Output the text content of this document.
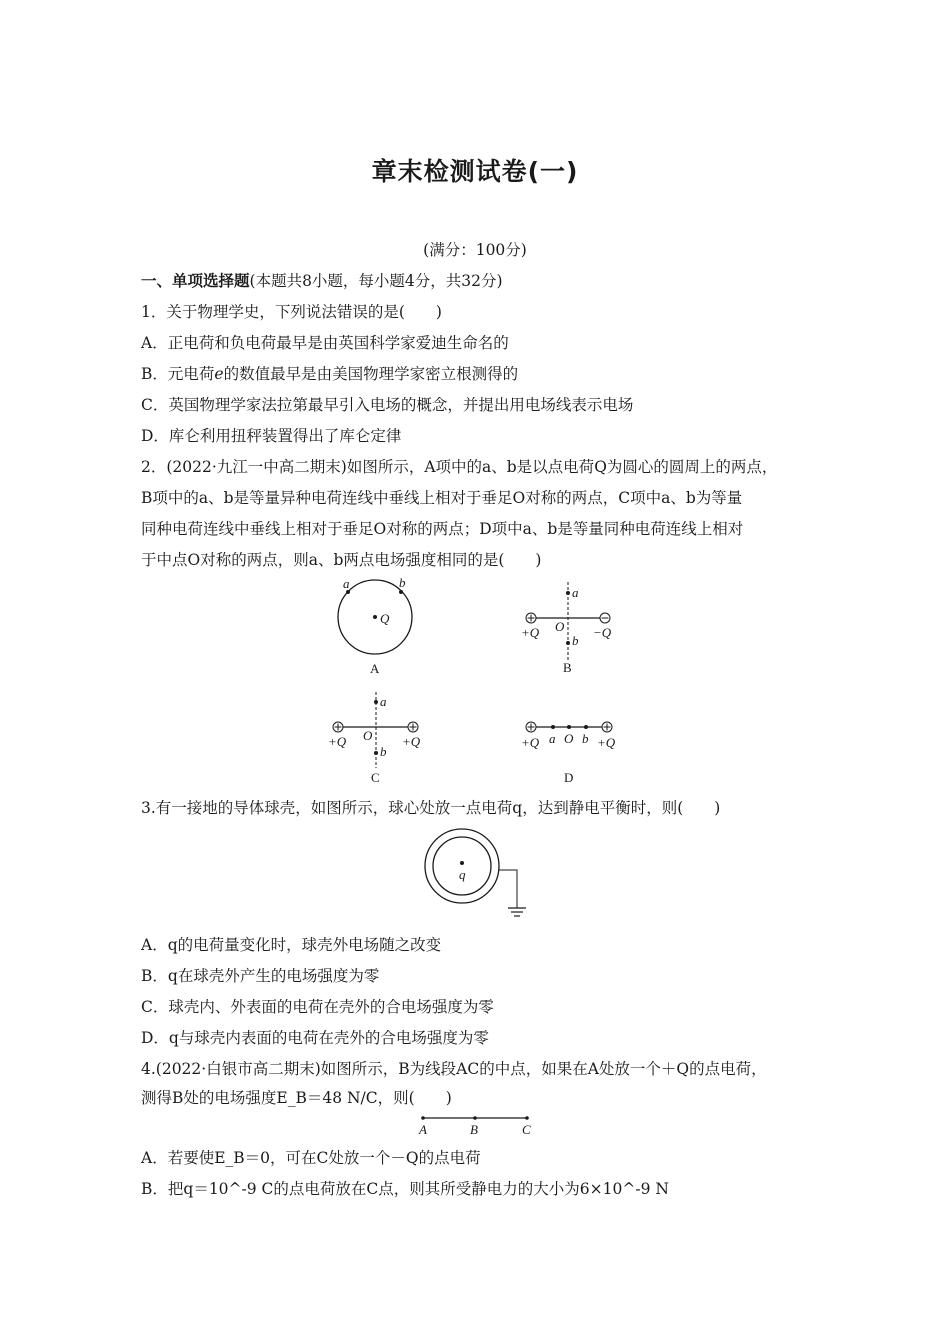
章末检测试卷(一)
(满分：100分)
一、单项选择题(本题共8小题，每小题4分，共32分)
1．关于物理学史，下列说法错误的是(　　)
A．正电荷和负电荷最早是由英国科学家爱迪生命名的
B．元电荷e的数值最早是由美国物理学家密立根测得的
C．英国物理学家法拉第最早引入电场的概念，并提出用电场线表示电场
D．库仑利用扭秤装置得出了库仑定律
2．(2022·九江一中高二期末)如图所示，A项中的a、b是以点电荷Q为圆心的圆周上的两点，
B项中的a、b是等量异种电荷连线中垂线上相对于垂足O对称的两点，C项中a、b为等量
同种电荷连线中垂线上相对于垂足O对称的两点；D项中a、b是等量同种电荷连线上相对
于中点O对称的两点，则a、b两点电场强度相同的是(　　)
a	b
Q
A
a
b
O
+Q	−Q
B
a
b
O
+Q	+Q
C
a O b
+Q	+Q
D
3.有一接地的导体球壳，如图所示，球心处放一点电荷q，达到静电平衡时，则(　　)
q
A．q的电荷量变化时，球壳外电场随之改变
B．q在球壳外产生的电场强度为零
C．球壳内、外表面的电荷在壳外的合电场强度为零
D．q与球壳内表面的电荷在壳外的合电场强度为零
4.(2022·白银市高二期末)如图所示，B为线段AC的中点，如果在A处放一个＋Q的点电荷，
测得B处的电场强度E_B＝48 N/C，则(　　)
A	B	C
A．若要使E_B＝0，可在C处放一个－Q的点电荷
B．把q＝10^-9 C的点电荷放在C点，则其所受静电力的大小为6×10^-9 N
